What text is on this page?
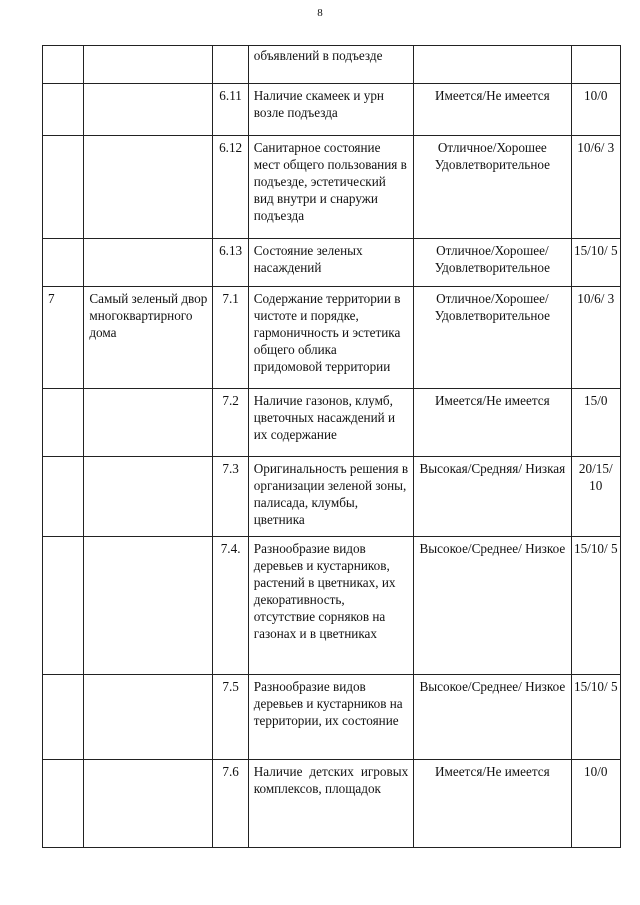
8
			объявлений в подъезде		
		6.11	Наличие скамеек и урн возле подъезда	Имеется/Не имеется	10/0
		6.12	Санитарное состояние мест общего пользования в подъезде, эстетический вид внутри и снаружи подъезда	Отличное/Хорошее Удовлетворительное	10/6/ 3
		6.13	Состояние зеленых насаждений	Отличное/Хорошее/ Удовлетворительное	15/10/ 5
7	Самый зеленый двор многоквартирного дома	7.1	Содержание территории в чистоте и порядке, гармоничность и эстетика общего облика придомовой территории	Отличное/Хорошее/ Удовлетворительное	10/6/ 3
		7.2	Наличие газонов, клумб, цветочных насаждений и их содержание	Имеется/Не имеется	15/0
		7.3	Оригинальность решения в организации зеленой зоны, палисада, клумбы, цветника	Высокая/Средняя/ Низкая	20/15/ 10
		7.4.	Разнообразие видов деревьев и кустарников, растений в цветниках, их декоративность, отсутствие сорняков на газонах и в цветниках	Высокое/Среднее/ Низкое	15/10/ 5
		7.5	Разнообразие видов деревьев и кустарников на территории, их состояние	Высокое/Среднее/ Низкое	15/10/ 5
		7.6	Наличие детских игровых комплексов, площадок	Имеется/Не имеется	10/0
